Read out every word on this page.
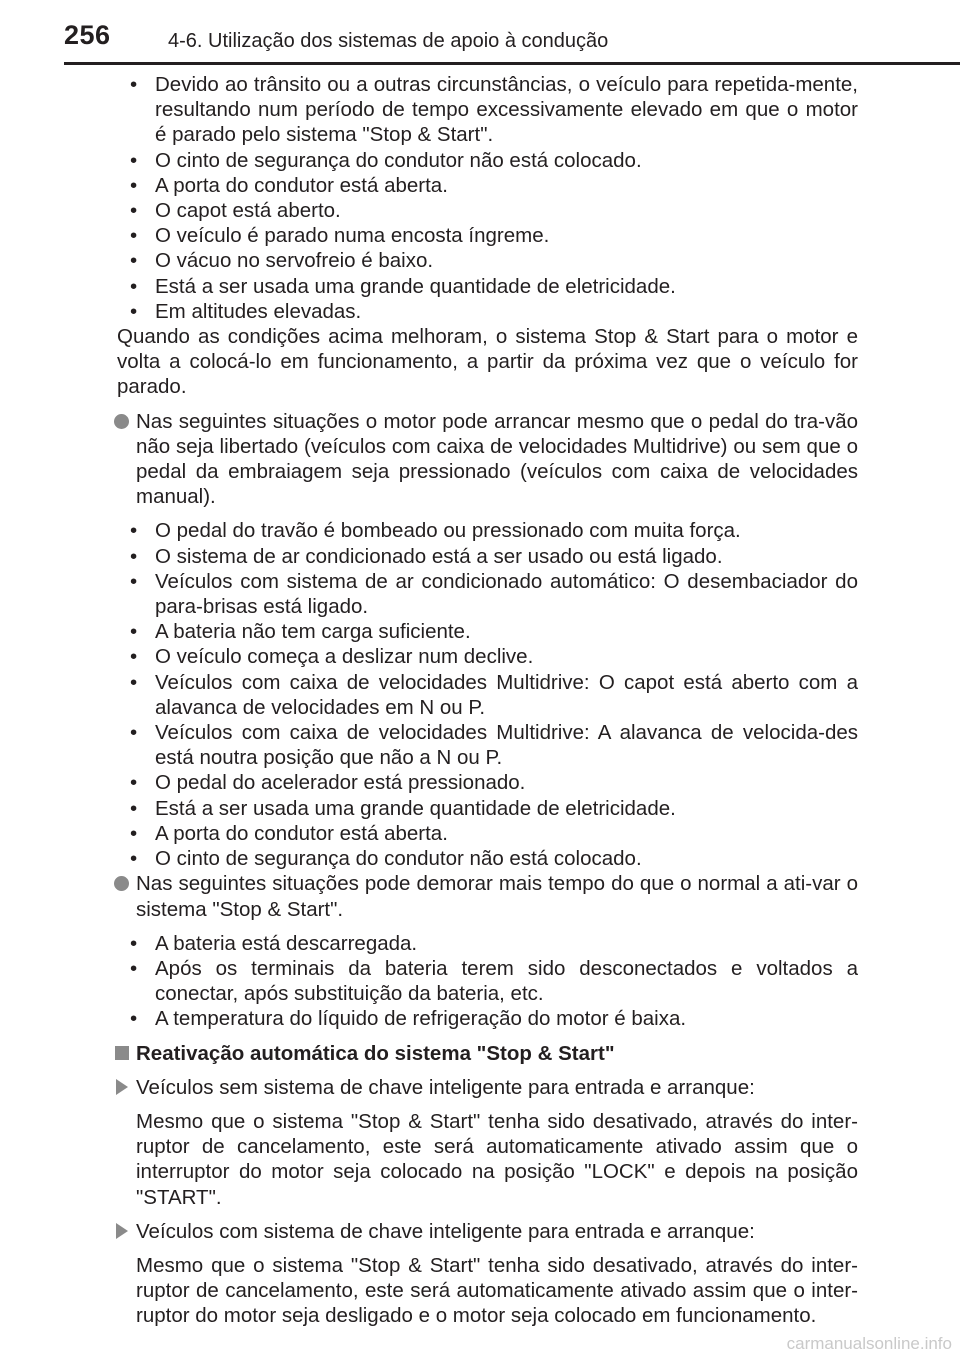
256	4-6. Utilização dos sistemas de apoio à condução
• Devido ao trânsito ou a outras circunstâncias, o veículo para repetida-mente, resultando num período de tempo excessivamente elevado em que o motor é parado pelo sistema "Stop & Start".
• O cinto de segurança do condutor não está colocado.
• A porta do condutor está aberta.
• O capot está aberto.
• O veículo é parado numa encosta íngreme.
• O vácuo no servofreio é baixo.
• Está a ser usada uma grande quantidade de eletricidade.
• Em altitudes elevadas.

Quando as condições acima melhoram, o sistema Stop & Start para o motor e volta a colocá-lo em funcionamento, a partir da próxima vez que o veículo for parado.

Nas seguintes situações o motor pode arrancar mesmo que o pedal do tra-vão não seja libertado (veículos com caixa de velocidades Multidrive) ou sem que o pedal da embraiagem seja pressionado (veículos com caixa de velocidades manual).

• O pedal do travão é bombeado ou pressionado com muita força.
• O sistema de ar condicionado está a ser usado ou está ligado.
• Veículos com sistema de ar condicionado automático: O desembaciador do para-brisas está ligado.
• A bateria não tem carga suficiente.
• O veículo começa a deslizar num declive.
• Veículos com caixa de velocidades Multidrive: O capot está aberto com a alavanca de velocidades em N ou P.
• Veículos com caixa de velocidades Multidrive: A alavanca de velocida-des está noutra posição que não a N ou P.
• O pedal do acelerador está pressionado.
• Está a ser usada uma grande quantidade de eletricidade.
• A porta do condutor está aberta.
• O cinto de segurança do condutor não está colocado.

Nas seguintes situações pode demorar mais tempo do que o normal a ati-var o sistema "Stop & Start".

• A bateria está descarregada.
• Após os terminais da bateria terem sido desconectados e voltados a conectar, após substituição da bateria, etc.
• A temperatura do líquido de refrigeração do motor é baixa.

Reativação automática do sistema "Stop & Start"

Veículos sem sistema de chave inteligente para entrada e arranque:

Mesmo que o sistema "Stop & Start" tenha sido desativado, através do inter-ruptor de cancelamento, este será automaticamente ativado assim que o interruptor do motor seja colocado na posição "LOCK" e depois na posição "START".

Veículos com sistema de chave inteligente para entrada e arranque:

Mesmo que o sistema "Stop & Start" tenha sido desativado, através do inter-ruptor de cancelamento, este será automaticamente ativado assim que o inter-ruptor do motor seja desligado e o motor seja colocado em funcionamento.

carmanualsonline.info
